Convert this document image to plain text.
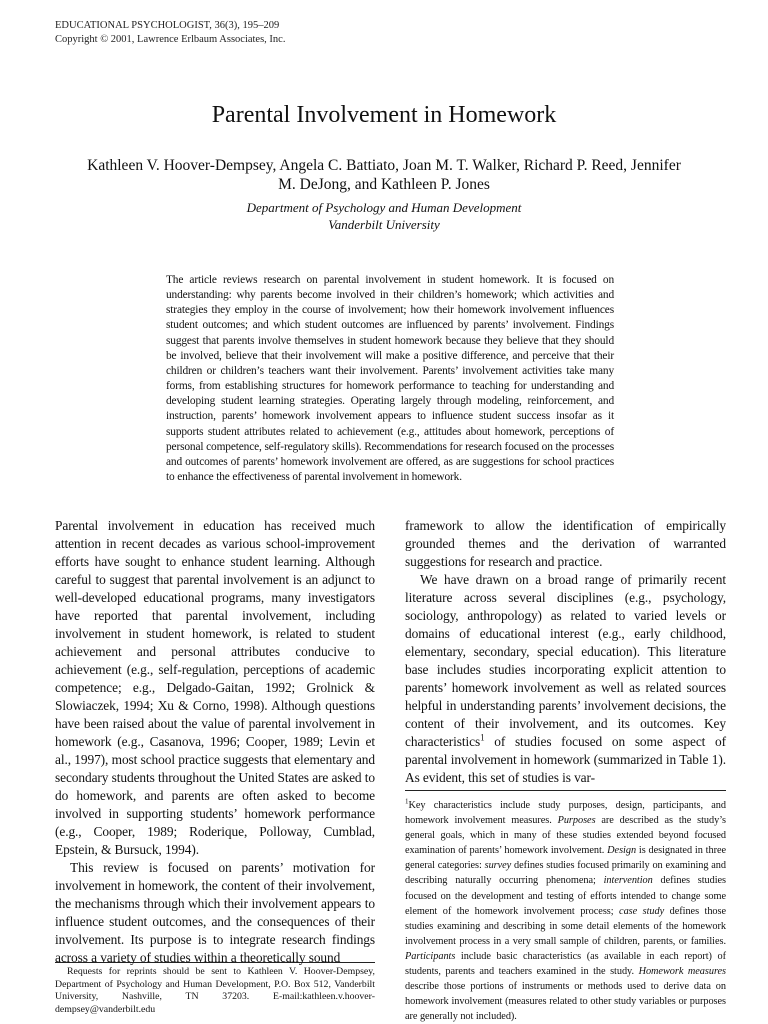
EDUCATIONAL PSYCHOLOGIST, 36(3), 195–209
Copyright © 2001, Lawrence Erlbaum Associates, Inc.
Parental Involvement in Homework
Kathleen V. Hoover-Dempsey, Angela C. Battiato, Joan M. T. Walker, Richard P. Reed, Jennifer M. DeJong, and Kathleen P. Jones
Department of Psychology and Human Development
Vanderbilt University

The article reviews research on parental involvement in student homework. It is focused on understanding: why parents become involved in their children’s homework; which activities and strategies they employ in the course of involvement; how their homework involvement influences student outcomes; and which student outcomes are influenced by parents’ involvement. Findings suggest that parents involve themselves in student homework because they believe that they should be involved, believe that their involvement will make a positive difference, and perceive that their children or children’s teachers want their involvement. Parents’ involvement activities take many forms, from establishing structures for homework performance to teaching for understanding and developing student learning strategies. Operating largely through modeling, reinforcement, and instruction, parents’ homework involvement appears to influence student success insofar as it supports student attributes related to achievement (e.g., attitudes about homework, perceptions of personal competence, self-regulatory skills). Recommendations for research focused on the processes and outcomes of parents’ homework involvement are offered, as are suggestions for school practices to enhance the effectiveness of parental involvement in homework.

Parental involvement in education has received much attention in recent decades as various school-improvement efforts have sought to enhance student learning. Although careful to suggest that parental involvement is an adjunct to well-developed educational programs, many investigators have reported that parental involvement, including involvement in student homework, is related to student achievement and personal attributes conducive to achievement (e.g., self-regulation, perceptions of academic competence; e.g., Delgado-Gaitan, 1992; Grolnick & Slowiaczek, 1994; Xu & Corno, 1998). Although questions have been raised about the value of parental involvement in homework (e.g., Casanova, 1996; Cooper, 1989; Levin et al., 1997), most school practice suggests that elementary and secondary students throughout the United States are asked to do homework, and parents are often asked to become involved in supporting students’ homework performance (e.g., Cooper, 1989; Roderique, Polloway, Cumblad, Epstein, & Bursuck, 1994).

This review is focused on parents’ motivation for involvement in homework, the content of their involvement, the mechanisms through which their involvement appears to influence student outcomes, and the consequences of their involvement. Its purpose is to integrate research findings across a variety of studies within a theoretically sound

framework to allow the identification of empirically grounded themes and the derivation of warranted suggestions for research and practice.

We have drawn on a broad range of primarily recent literature across several disciplines (e.g., psychology, sociology, anthropology) as related to varied levels or domains of educational interest (e.g., early childhood, elementary, secondary, special education). This literature base includes studies incorporating explicit attention to parents’ homework involvement as well as related sources helpful in understanding parents’ involvement decisions, the content of their involvement, and its outcomes. Key characteristics$^1$ of studies focused on some aspect of parental involvement in homework (summarized in Table 1). As evident, this set of studies is var-

$^1$Key characteristics include study purposes, design, participants, and homework involvement measures. Purposes are described as the study’s general goals, which in many of these studies extended beyond focused examination of parents’ homework involvement. Design is designated in three general categories: survey defines studies focused primarily on examining and describing naturally occurring phenomena; intervention defines studies focused on the development and testing of efforts intended to change some element of the homework involvement process; case study defines those studies examining and describing in some detail elements of the homework involvement process in a very small sample of children, parents, or families. Participants include basic characteristics (as available in each report) of students, parents and teachers examined in the study. Homework measures describe those portions of instruments or methods used to derive data on homework involvement (measures related to other study variables or purposes are generally not included).

Requests for reprints should be sent to Kathleen V. Hoover-Dempsey, Department of Psychology and Human Development, P.O. Box 512, Vanderbilt University, Nashville, TN 37203. E-mail:kathleen.v.hoover-dempsey@vanderbilt.edu
